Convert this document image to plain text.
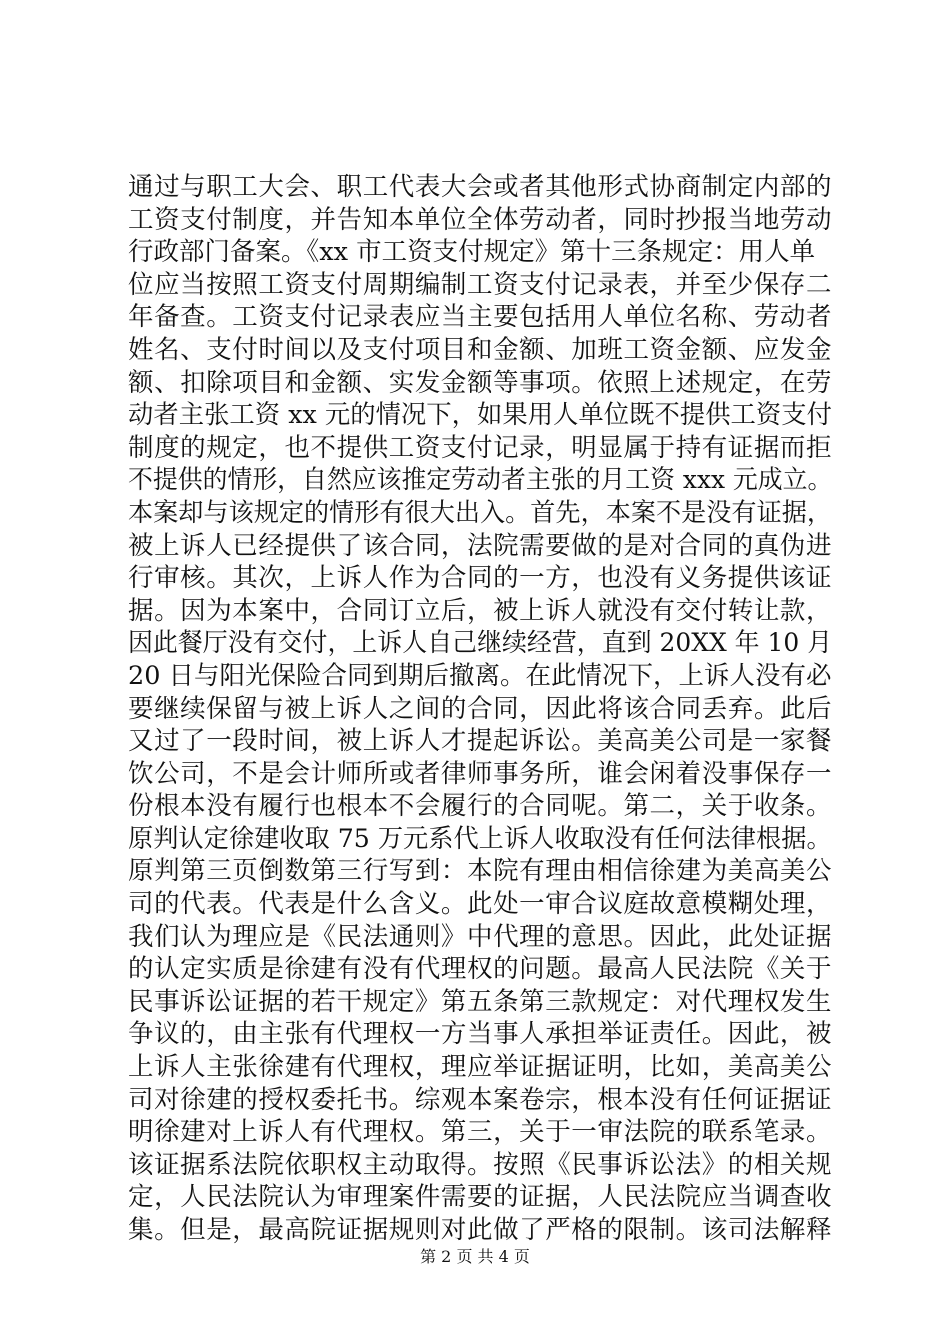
通过与职工大会、职工代表大会或者其他形式协商制定内部的
工资支付制度，并告知本单位全体劳动者，同时抄报当地劳动
行政部门备案。《xx 市工资支付规定》第十三条规定：用人单
位应当按照工资支付周期编制工资支付记录表，并至少保存二
年备查。工资支付记录表应当主要包括用人单位名称、劳动者
姓名、支付时间以及支付项目和金额、加班工资金额、应发金
额、扣除项目和金额、实发金额等事项。依照上述规定，在劳
动者主张工资 xx 元的情况下，如果用人单位既不提供工资支付
制度的规定，也不提供工资支付记录，明显属于持有证据而拒
不提供的情形，自然应该推定劳动者主张的月工资 xxx 元成立。
本案却与该规定的情形有很大出入。首先，本案不是没有证据，
被上诉人已经提供了该合同，法院需要做的是对合同的真伪进
行审核。其次，上诉人作为合同的一方，也没有义务提供该证
据。因为本案中，合同订立后，被上诉人就没有交付转让款，
因此餐厅没有交付，上诉人自己继续经营，直到 20XX 年 10 月
20 日与阳光保险合同到期后撤离。在此情况下，上诉人没有必
要继续保留与被上诉人之间的合同，因此将该合同丢弃。此后
又过了一段时间，被上诉人才提起诉讼。美高美公司是一家餐
饮公司，不是会计师所或者律师事务所，谁会闲着没事保存一
份根本没有履行也根本不会履行的合同呢。第二，关于收条。
原判认定徐建收取 75 万元系代上诉人收取没有任何法律根据。
原判第三页倒数第三行写到：本院有理由相信徐建为美高美公
司的代表。代表是什么含义。此处一审合议庭故意模糊处理，
我们认为理应是《民法通则》中代理的意思。因此，此处证据
的认定实质是徐建有没有代理权的问题。最高人民法院《关于
民事诉讼证据的若干规定》第五条第三款规定：对代理权发生
争议的，由主张有代理权一方当事人承担举证责任。因此，被
上诉人主张徐建有代理权，理应举证据证明，比如，美高美公
司对徐建的授权委托书。综观本案卷宗，根本没有任何证据证
明徐建对上诉人有代理权。第三，关于一审法院的联系笔录。
该证据系法院依职权主动取得。按照《民事诉讼法》的相关规
定，人民法院认为审理案件需要的证据，人民法院应当调查收
集。但是，最高院证据规则对此做了严格的限制。该司法解释
第 2 页 共 4 页
